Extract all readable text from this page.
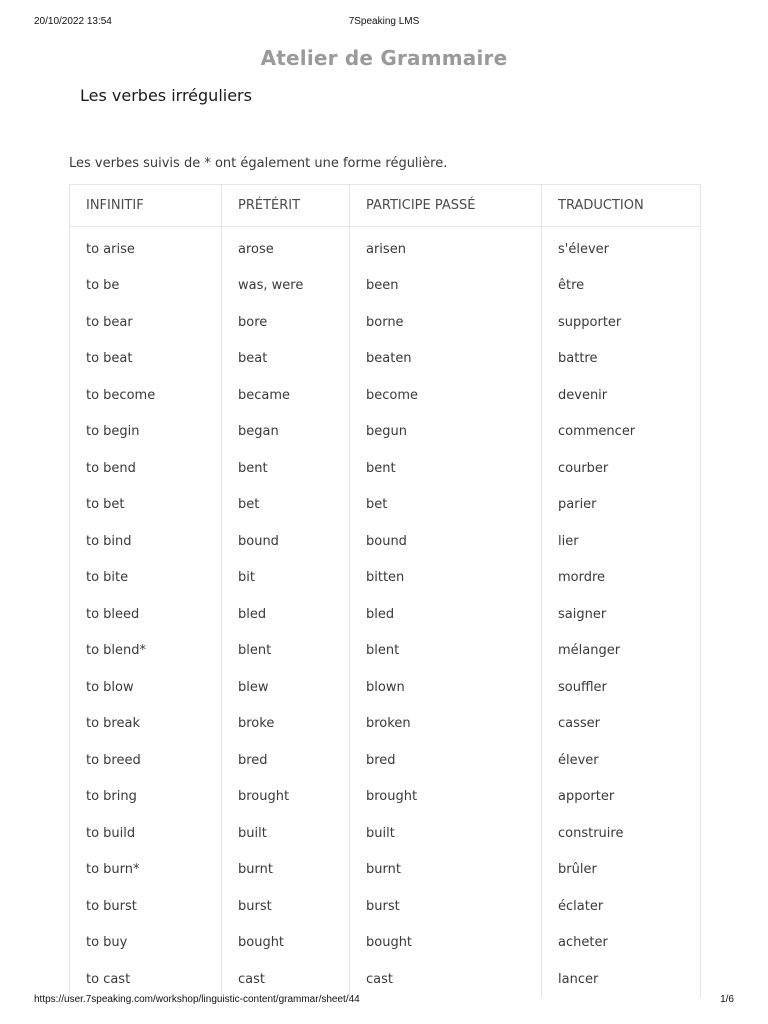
20/10/2022 13:54	7Speaking LMS
Atelier de Grammaire
Les verbes irréguliers
Les verbes suivis de * ont également une forme régulière.
INFINITIF	PRÉTÉRIT	PARTICIPE PASSÉ	TRADUCTION
to arise	arose	arisen	s'élever
to be	was, were	been	être
to bear	bore	borne	supporter
to beat	beat	beaten	battre
to become	became	become	devenir
to begin	began	begun	commencer
to bend	bent	bent	courber
to bet	bet	bet	parier
to bind	bound	bound	lier
to bite	bit	bitten	mordre
to bleed	bled	bled	saigner
to blend*	blent	blent	mélanger
to blow	blew	blown	souffler
to break	broke	broken	casser
to breed	bred	bred	élever
to bring	brought	brought	apporter
to build	built	built	construire
to burn*	burnt	burnt	brûler
to burst	burst	burst	éclater
to buy	bought	bought	acheter
to cast	cast	cast	lancer
https://user.7speaking.com/workshop/linguistic-content/grammar/sheet/44	1/6
